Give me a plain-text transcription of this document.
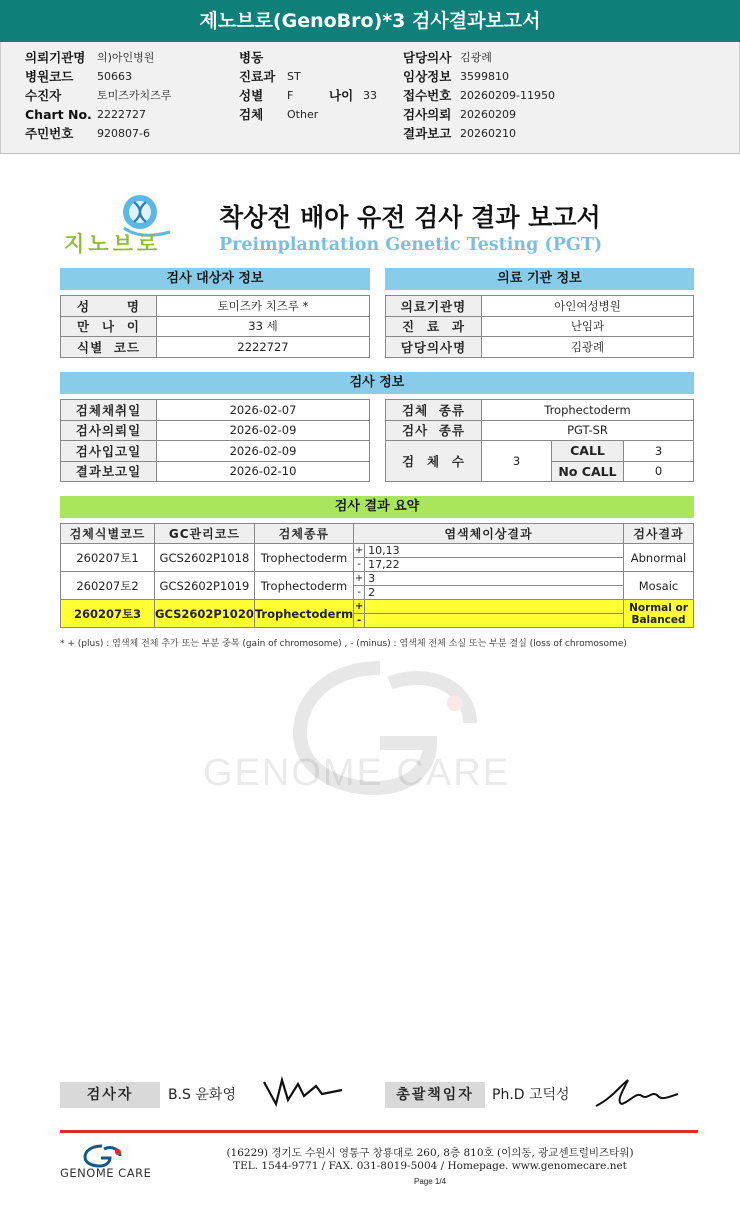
제노브로(GenoBro)*3 검사결과보고서
의뢰기관명 의)아인병원	병동	담당의사 김광례
병원코드 50663	진료과 ST	임상정보 3599810
수진자	토미즈카치즈루	성별 F	나이 33 접수번호 20260209-11950
Chart No. 2222727	검체 Other	검사의뢰 20260209
주민번호 920807-6	결과보고 20260210
지노브로
착상전 배아 유전 검사 결과 보고서
Preimplantation Genetic Testing (PGT)
검사 대상자 정보
성 명	토미즈카 치즈루 *

만 나 이	33 세

식별 코드	2222727
의료 기관 정보
의료기관명	아인여성병원

진 료 과	난임과
담당의사명	김광례
검사 정보
검체채취일	2026-02-07
검사의뢰일	2026-02-09
검사입고일	2026-02-09
결과보고일	2026-02-10
검체 종류	Trophectoderm		

검사 종류	PGT-SR		

검 체 수	3	CALL	3
		No CALL	0
검사 결과 요약
검체식별코드	GC관리코드	검체종류	염색체이상결과		검사결과
260207토1	GCS2602P1018	Trophectoderm	+	10,13	Abnormal
			-	17,22	
260207토2	GCS2602P1019	Trophectoderm	+	3	Mosaic
			-	2	
260207토3	GCS2602P1020	Trophectoderm	+		Normal or Balanced
			-		
* + (plus) : 염색체 전체 추가 또는 부분 중복 (gain of chromosome) , - (minus) : 염색체 전체 소실 또는 부분 결실 (loss of chromosome)
GENOME CARE
검사자	B.S 윤화영	총괄책임자	Ph.D 고덕성
GENOME CARE
(16229) 경기도 수원시 영통구 창룡대로 260, 8층 810호 (이의동, 광교센트럴비즈타워)
TEL. 1544-9771 / FAX. 031-8019-5004 / Homepage. www.genomecare.net
Page 1/4
